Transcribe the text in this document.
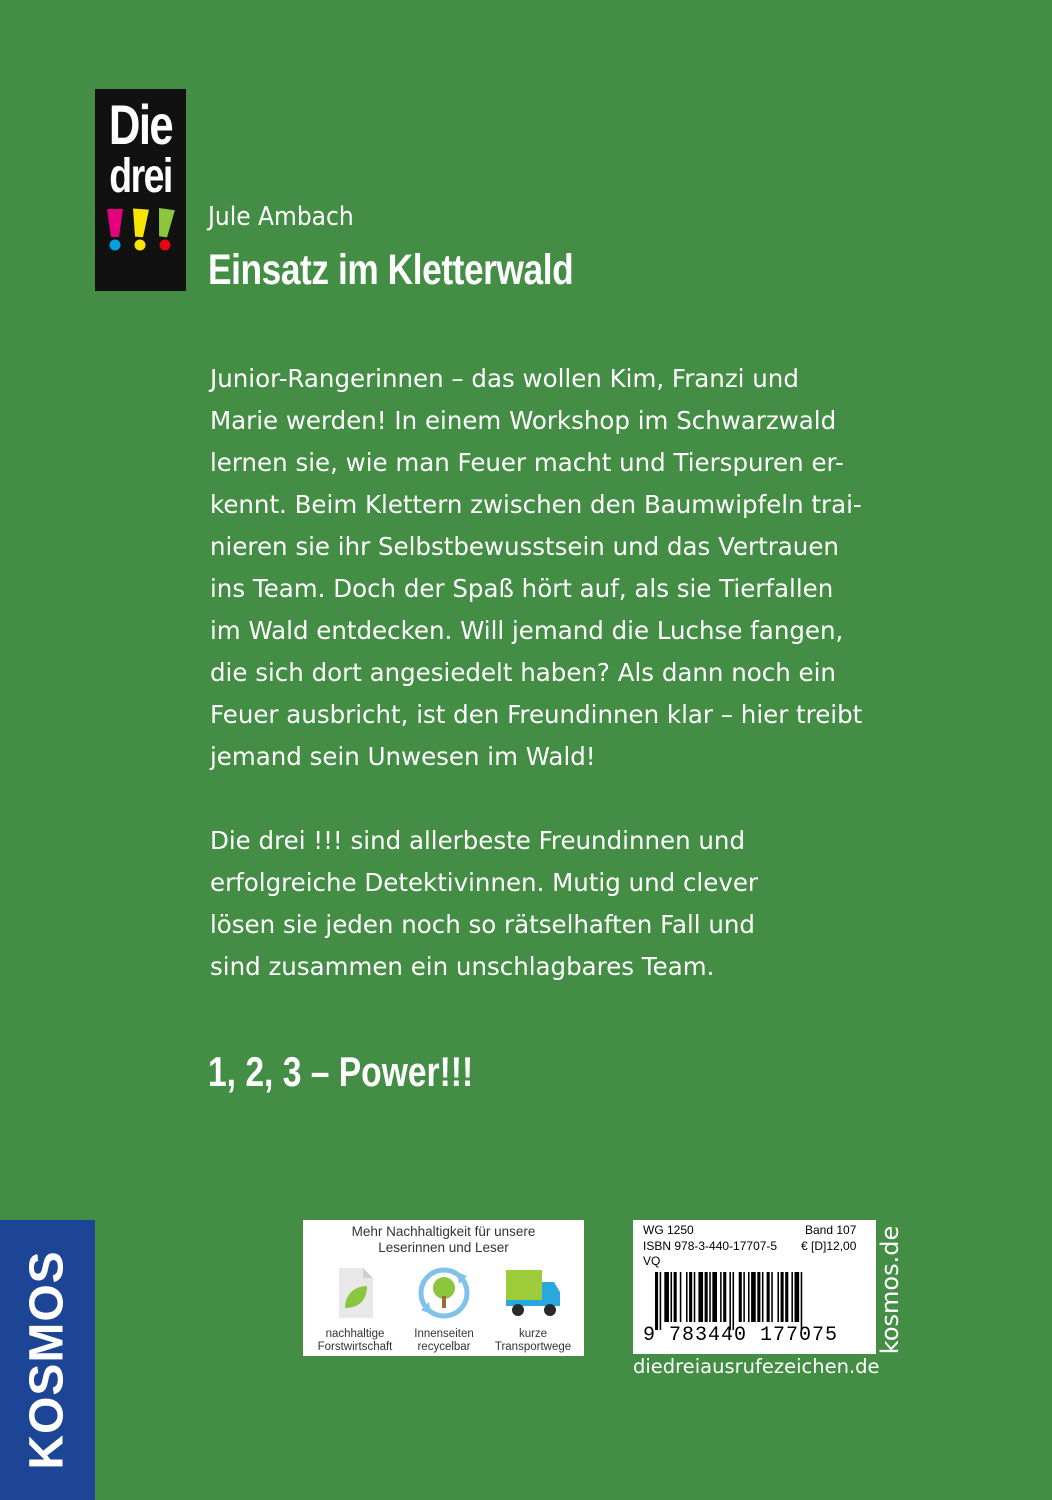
Die
drei
Jule Ambach
Einsatz im Kletterwald
Junior-Rangerinnen – das wollen Kim, Franzi und
Marie werden! In einem Workshop im Schwarzwald
lernen sie, wie man Feuer macht und Tierspuren er-
kennt. Beim Klettern zwischen den Baumwipfeln trai-
nieren sie ihr Selbstbewusstsein und das Vertrauen
ins Team. Doch der Spaß hört auf, als sie Tierfallen
im Wald entdecken. Will jemand die Luchse fangen,
die sich dort angesiedelt haben? Als dann noch ein
Feuer ausbricht, ist den Freundinnen klar – hier treibt
jemand sein Unwesen im Wald!
Die drei !!! sind allerbeste Freundinnen und
erfolgreiche Detektivinnen. Mutig und clever
lösen sie jeden noch so rätselhaften Fall und
sind zusammen ein unschlagbares Team.
1, 2, 3 – Power!!!
KOSMOS
Mehr Nachhaltigkeit für unsere
Leserinnen und Leser
nachhaltige
Forstwirtschaft
Innenseiten
recycelbar
kurze
Transportwege
WG 1250	Band 107
ISBN 978-3-440-17707-5 € [D]12,00
VQ
9 783440 177075 kosmos.de
diedreiausrufezeichen.de
